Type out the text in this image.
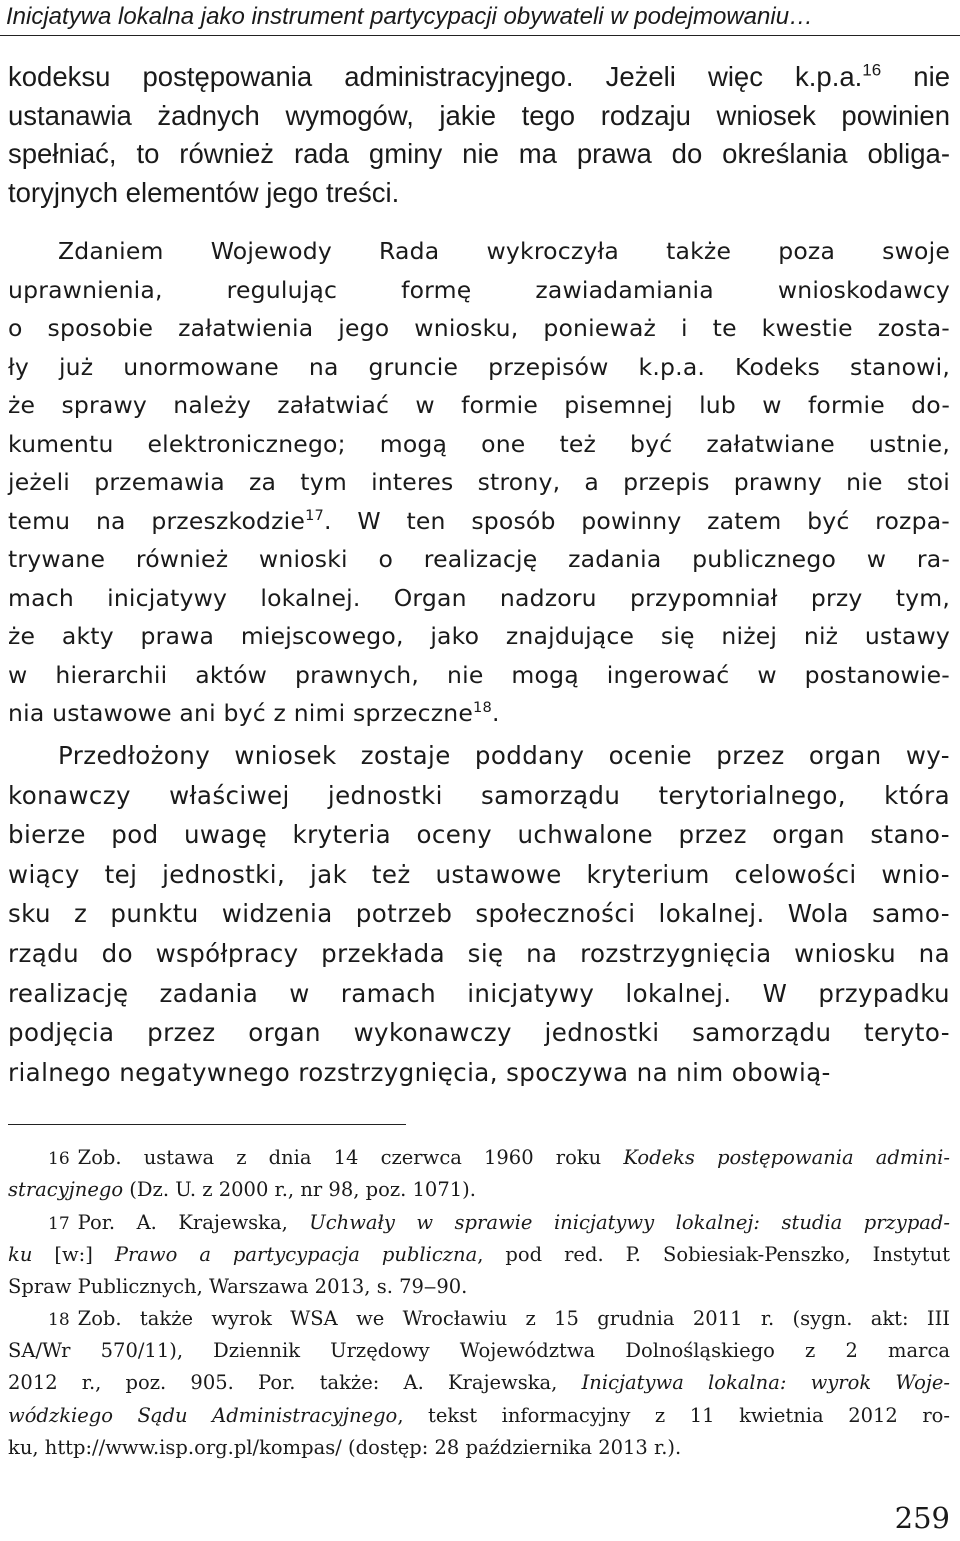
Inicjatywa lokalna jako instrument partycypacji obywateli w podejmowaniu…
kodeksu postępowania administracyjnego. Jeżeli więc k.p.a.$^{16}$ nie
ustanawia żadnych wymogów, jakie tego rodzaju wniosek powinien
spełniać, to również rada gminy nie ma prawa do określania obliga-
toryjnych elementów jego treści.
Zdaniem Wojewody Rada wykroczyła także poza swoje
uprawnienia, regulując formę zawiadamiania wnioskodawcy
o sposobie załatwienia jego wniosku, ponieważ i te kwestie zosta-
ły już unormowane na gruncie przepisów k.p.a. Kodeks stanowi,
że sprawy należy załatwiać w formie pisemnej lub w formie do-
kumentu elektronicznego; mogą one też być załatwiane ustnie,
jeżeli przemawia za tym interes strony, a przepis prawny nie stoi
temu na przeszkodzie$^{17}$. W ten sposób powinny zatem być rozpa-
trywane również wnioski o realizację zadania publicznego w ra-
mach inicjatywy lokalnej. Organ nadzoru przypomniał przy tym,
że akty prawa miejscowego, jako znajdujące się niżej niż ustawy
w hierarchii aktów prawnych, nie mogą ingerować w postanowie-
nia ustawowe ani być z nimi sprzeczne$^{18}$.
Przedłożony wniosek zostaje poddany ocenie przez organ wy-
konawczy właściwej jednostki samorządu terytorialnego, która
bierze pod uwagę kryteria oceny uchwalone przez organ stano-
wiący tej jednostki, jak też ustawowe kryterium celowości wnio-
sku z punktu widzenia potrzeb społeczności lokalnej. Wola samo-
rządu do współpracy przekłada się na rozstrzygnięcia wniosku na
realizację zadania w ramach inicjatywy lokalnej. W przypadku
podjęcia przez organ wykonawczy jednostki samorządu teryto-
rialnego negatywnego rozstrzygnięcia, spoczywa na nim obowią-
16 Zob. ustawa z dnia 14 czerwca 1960 roku Kodeks postępowania admini-
stracyjnego (Dz. U. z 2000 r., nr 98, poz. 1071).
17 Por. A. Krajewska, Uchwały w sprawie inicjatywy lokalnej: studia przypad-
ku [w:] Prawo a partycypacja publiczna, pod red. P. Sobiesiak-Penszko, Instytut
Spraw Publicznych, Warszawa 2013, s. 79‒90.
18 Zob. także wyrok WSA we Wrocławiu z 15 grudnia 2011 r. (sygn. akt: III
SA/Wr 570/11), Dziennik Urzędowy Województwa Dolnośląskiego z 2 marca
2012 r., poz. 905. Por. także: A. Krajewska, Inicjatywa lokalna: wyrok Woje-
wódzkiego Sądu Administracyjnego, tekst informacyjny z 11 kwietnia 2012 ro-
ku, http://www.isp.org.pl/kompas/ (dostęp: 28 października 2013 r.).
259
